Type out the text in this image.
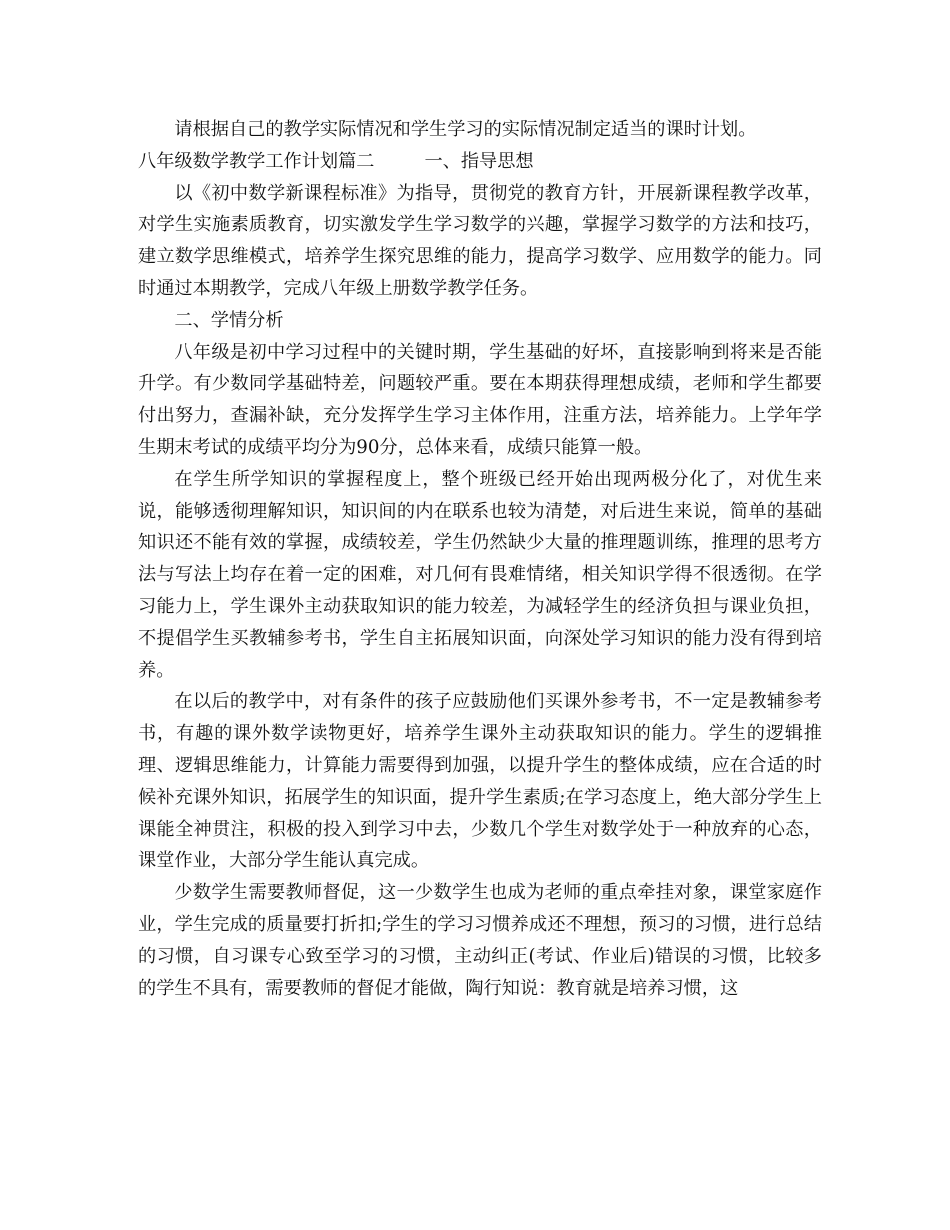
请根据自己的教学实际情况和学生学习的实际情况制定适当的课时计划。

八年级数学教学工作计划篇二	一、指导思想

以《初中数学新课程标准》为指导，贯彻党的教育方针，开展新课程教学改革，对学生实施素质教育，切实激发学生学习数学的兴趣，掌握学习数学的方法和技巧，建立数学思维模式，培养学生探究思维的能力，提高学习数学、应用数学的能力。同时通过本期教学，完成八年级上册数学教学任务。

二、学情分析

八年级是初中学习过程中的关键时期，学生基础的好坏，直接影响到将来是否能升学。有少数同学基础特差，问题较严重。要在本期获得理想成绩，老师和学生都要付出努力，查漏补缺，充分发挥学生学习主体作用，注重方法，培养能力。上学年学生期末考试的成绩平均分为90分，总体来看，成绩只能算一般。

在学生所学知识的掌握程度上，整个班级已经开始出现两极分化了，对优生来说，能够透彻理解知识，知识间的内在联系也较为清楚，对后进生来说，简单的基础知识还不能有效的掌握，成绩较差，学生仍然缺少大量的推理题训练，推理的思考方法与写法上均存在着一定的困难，对几何有畏难情绪，相关知识学得不很透彻。在学习能力上，学生课外主动获取知识的能力较差，为减轻学生的经济负担与课业负担，不提倡学生买教辅参考书，学生自主拓展知识面，向深处学习知识的能力没有得到培养。

在以后的教学中，对有条件的孩子应鼓励他们买课外参考书，不一定是教辅参考书，有趣的课外数学读物更好，培养学生课外主动获取知识的能力。学生的逻辑推理、逻辑思维能力，计算能力需要得到加强，以提升学生的整体成绩，应在合适的时候补充课外知识，拓展学生的知识面，提升学生素质;在学习态度上，绝大部分学生上课能全神贯注，积极的投入到学习中去，少数几个学生对数学处于一种放弃的心态，课堂作业，大部分学生能认真完成。

少数学生需要教师督促，这一少数学生也成为老师的重点牵挂对象，课堂家庭作业，学生完成的质量要打折扣;学生的学习习惯养成还不理想，预习的习惯，进行总结的习惯，自习课专心致至学习的习惯，主动纠正(考试、作业后)错误的习惯，比较多的学生不具有，需要教师的督促才能做，陶行知说：教育就是培养习惯，这
